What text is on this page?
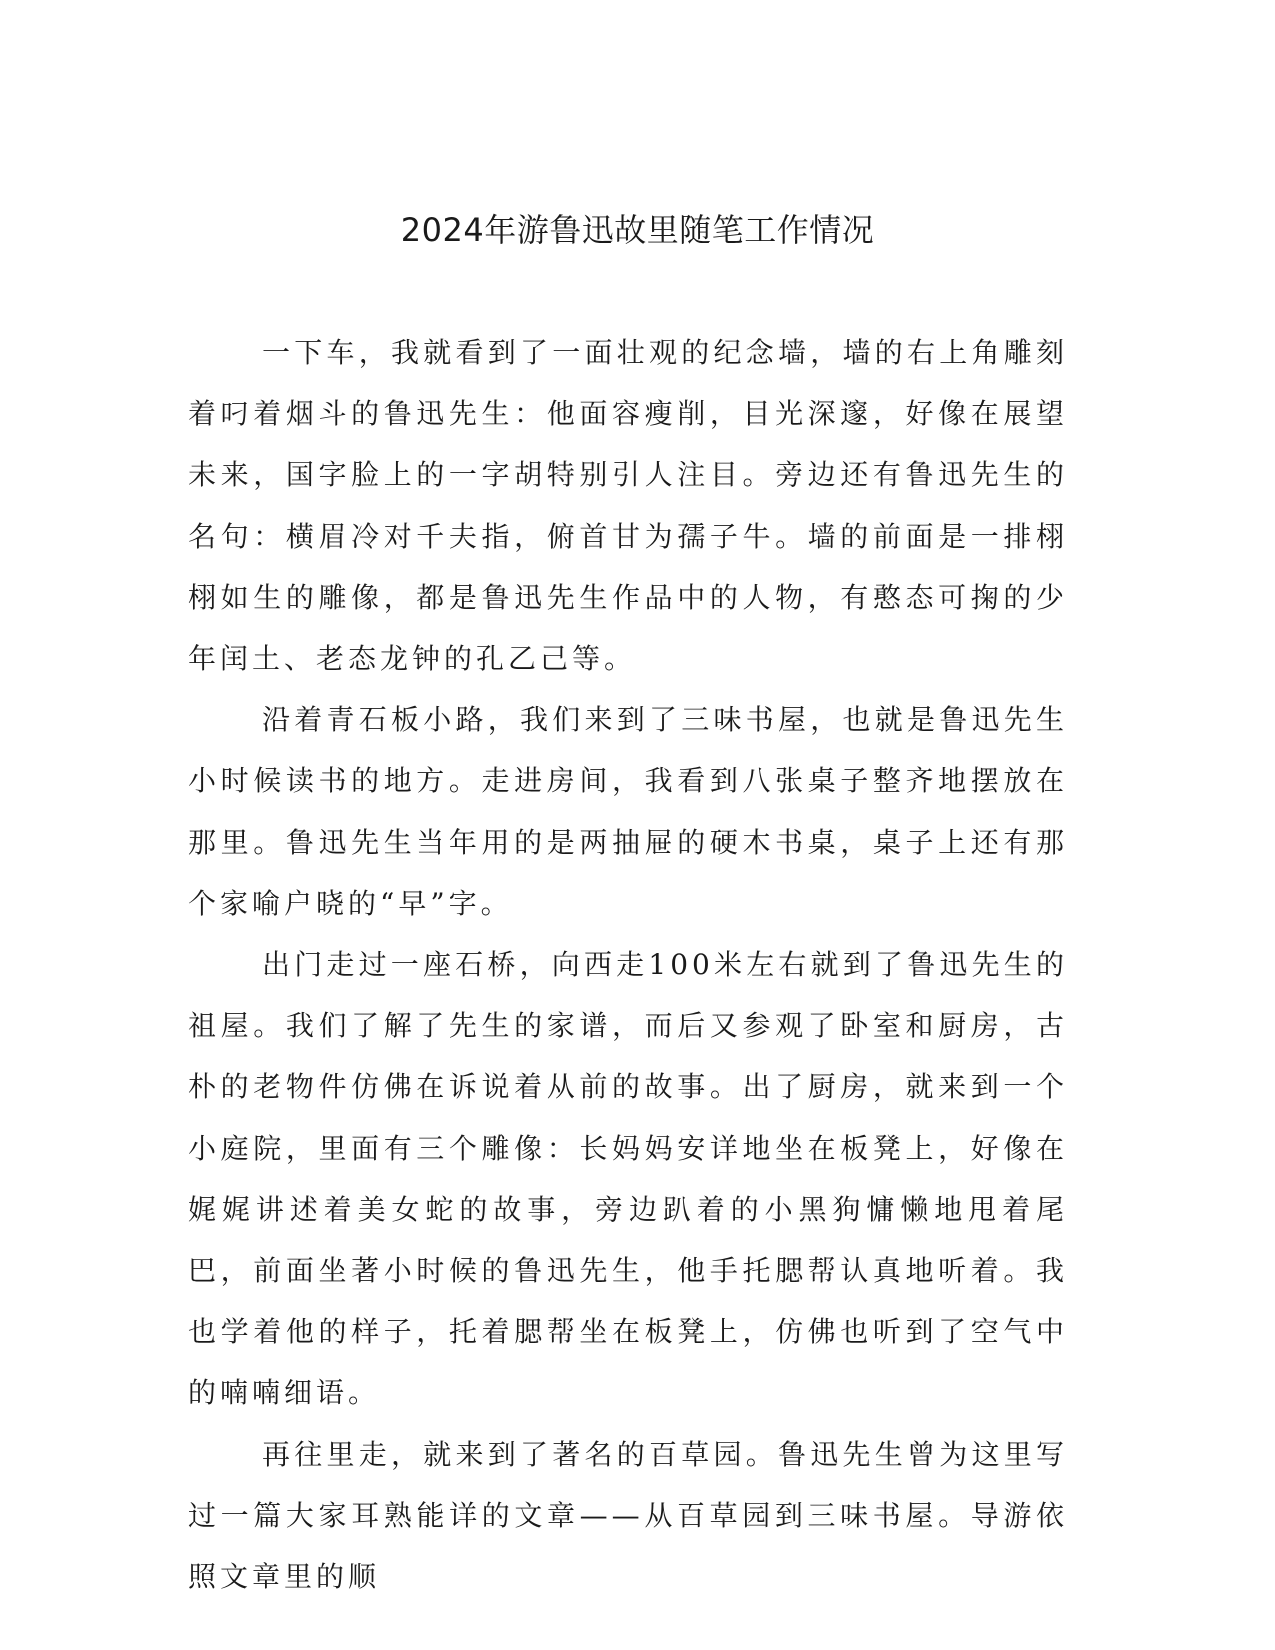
2024年游鲁迅故里随笔工作情况

一下车，我就看到了一面壮观的纪念墙，墙的右上角雕刻着叼着烟斗的鲁迅先生：他面容瘦削，目光深邃，好像在展望未来，国字脸上的一字胡特别引人注目。旁边还有鲁迅先生的名句：横眉冷对千夫指，俯首甘为孺子牛。墙的前面是一排栩栩如生的雕像，都是鲁迅先生作品中的人物，有憨态可掬的少年闰土、老态龙钟的孔乙己等。

沿着青石板小路，我们来到了三味书屋，也就是鲁迅先生小时候读书的地方。走进房间，我看到八张桌子整齐地摆放在那里。鲁迅先生当年用的是两抽屉的硬木书桌，桌子上还有那个家喻户晓的“早”字。

出门走过一座石桥，向西走100米左右就到了鲁迅先生的祖屋。我们了解了先生的家谱，而后又参观了卧室和厨房，古朴的老物件仿佛在诉说着从前的故事。出了厨房，就来到一个小庭院，里面有三个雕像：长妈妈安详地坐在板凳上，好像在娓娓讲述着美女蛇的故事，旁边趴着的小黑狗慵懒地甩着尾巴，前面坐著小时候的鲁迅先生，他手托腮帮认真地听着。我也学着他的样子，托着腮帮坐在板凳上，仿佛也听到了空气中的喃喃细语。

再往里走，就来到了著名的百草园。鲁迅先生曾为这里写过一篇大家耳熟能详的文章——从百草园到三味书屋。导游依照文章里的顺
